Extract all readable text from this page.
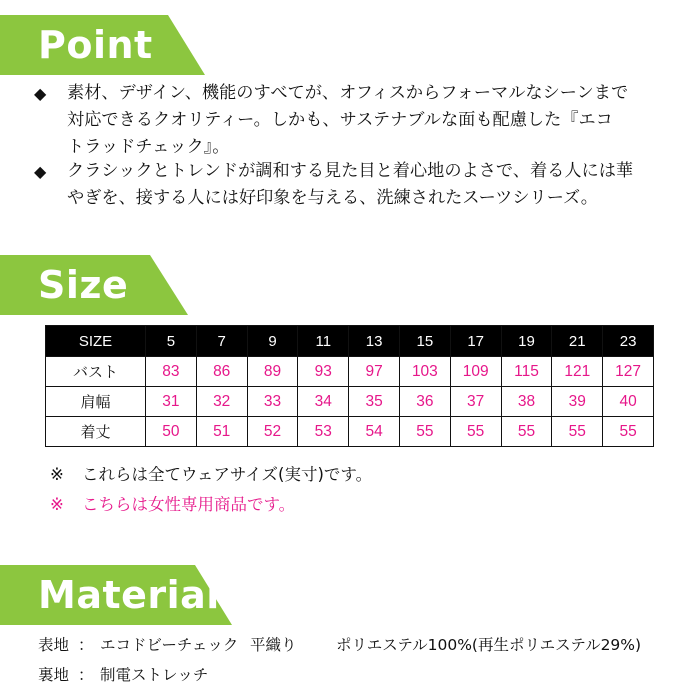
Point
◆ 素材、デザイン、機能のすべてが、オフィスからフォーマルなシーンまで
対応できるクオリティー。しかも、サステナブルな面も配慮した『エコ
トラッドチェック』。
◆ クラシックとトレンドが調和する見た目と着心地のよさで、着る人には華
やぎを、接する人には好印象を与える、洗練されたスーツシリーズ。
Size
SIZE	5	7	9	11	13	15	17	19	21	23
バスト	83	86	89	93	97	103	109	115	121	127
肩幅	31	32	33	34	35	36	37	38	39	40
着丈	50	51	52	53	54	55	55	55	55	55
※ これらは全てウェアサイズ(実寸)です。
※ こちらは女性専用商品です。
Material
表地 ： エコドビーチェック 平織り	ポリエステル100%(再生ポリエステル29%)
裏地 ： 制電ストレッチ
